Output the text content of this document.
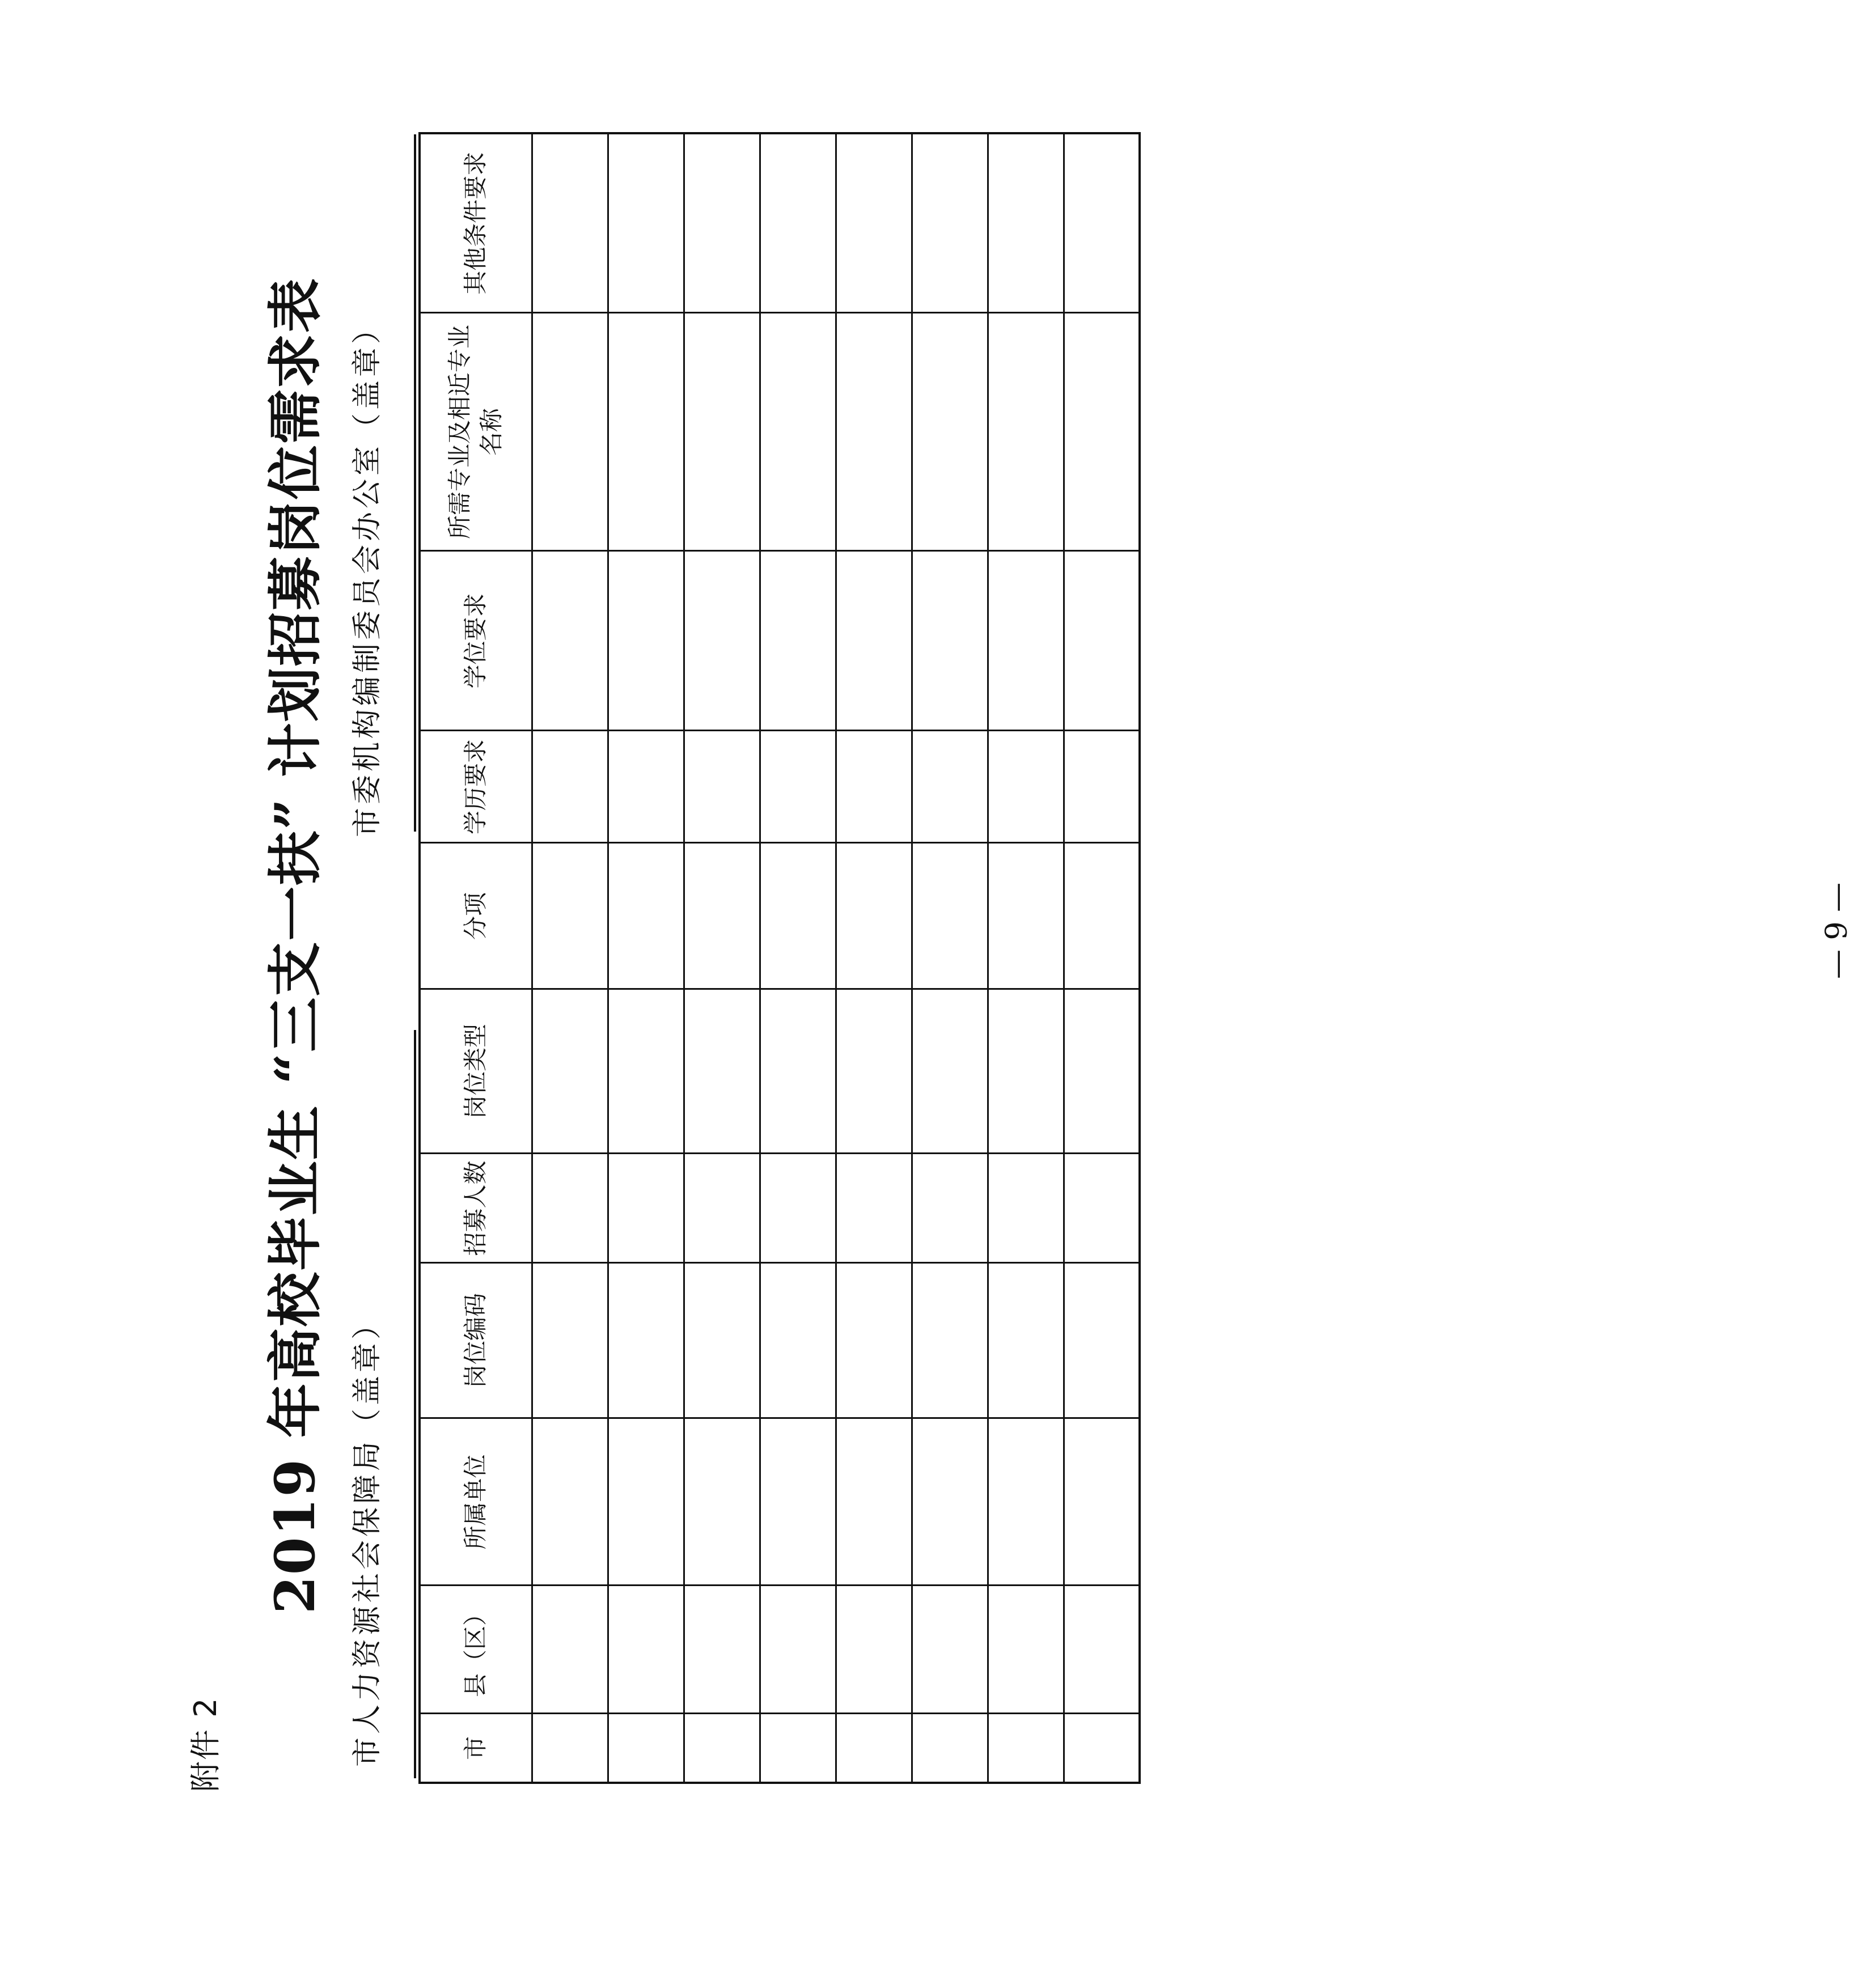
附件 2
2019 年高校毕业生 “三支一扶” 计划招募岗位需求表 市人力资源社会保障局（盖章）
市委机构编制委员会办公室（盖章）
市	县（区）	所属单位	岗位编码	招募人数	岗位类型	分项	学历要求	学位要求	所需专业及相近专业名称	其他条件要求

— 9 —
